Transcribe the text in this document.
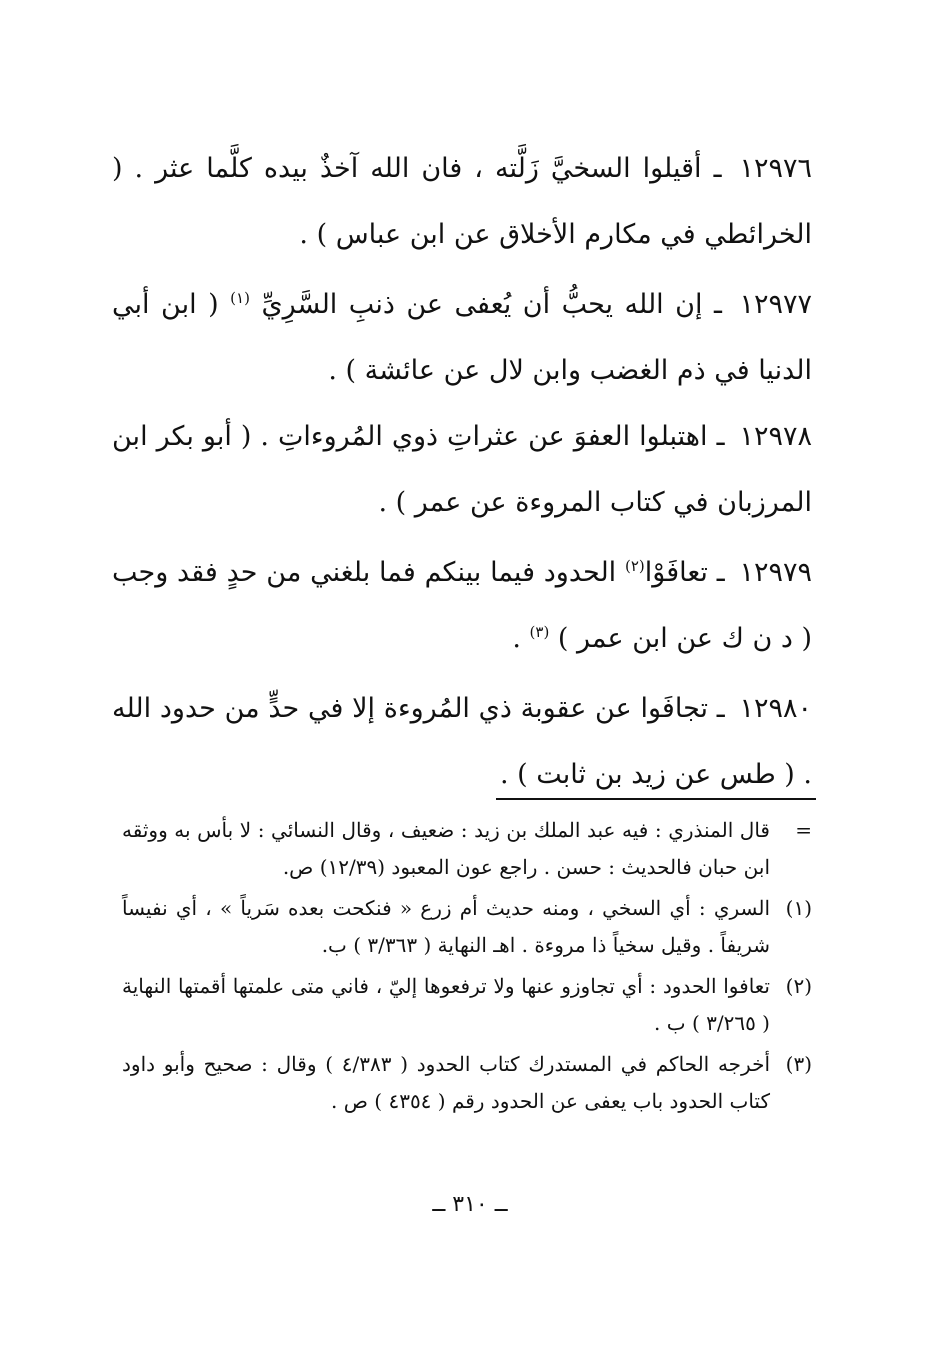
١٢٩٧٦ ـ أقيلوا السخيَّ زَلَّته ، فان الله آخذٌ بيده كلَّما عثر . ( الخرائطي في مكارم الأخلاق عن ابن عباس ) .
١٢٩٧٧ ـ إن الله يحبُّ أن يُعفى عن ذنبِ السَّرِيِّ $^{(١)}$ ( ابن أبي الدنيا في ذم الغضب وابن لال عن عائشة ) .
١٢٩٧٨ ـ اهتبلوا العفوَ عن عثراتِ ذوي المُروءاتِ . ( أبو بكر ابن المرزبان في كتاب المروءة عن عمر ) .
١٢٩٧٩ ـ تعافَوْا$^{(٢)}$ الحدود فيما بينكم فما بلغني من حدٍ فقد وجب ( د ن ك عن ابن عمر ) $^{(٣)}$ .
١٢٩٨٠ ـ تجافَوا عن عقوبة ذي المُروءة إلا في حدٍّ من حدود الله . ( طس عن زيد بن ثابت ) .
=
قال المنذري : فيه عبد الملك بن زيد : ضعيف ، وقال النسائي : لا بأس به ووثقه ابن حبان فالحديث : حسن . راجع عون المعبود (١٢/٣٩) ص.
(١)
السري : أي السخي ، ومنه حديث أم زرع « فنكحت بعده سَرياً » ، أي نفيساً شريفاً . وقيل سخياً ذا مروءة . اهـ النهاية ( ٣/٣٦٣ ) ب.
(٢)
تعافوا الحدود : أي تجاوزو عنها ولا ترفعوها إليّ ، فاني متى علمتها أقمتها النهاية ( ٣/٢٦٥ ) ب .
(٣)
أخرجه الحاكم في المستدرك كتاب الحدود ( ٤/٣٨٣ ) وقال : صحيح وأبو داود كتاب الحدود باب يعفى عن الحدود رقم ( ٤٣٥٤ ) ص .
ــ ٣١٠ ــ
